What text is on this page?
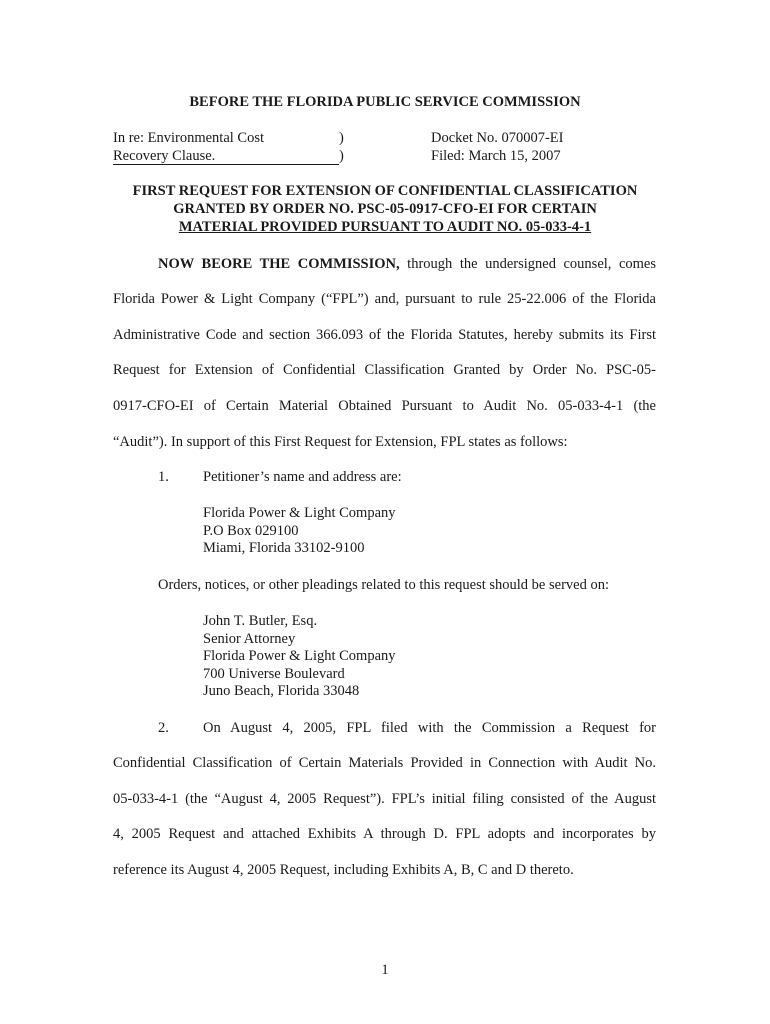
BEFORE THE FLORIDA PUBLIC SERVICE COMMISSION
In re: Environmental Cost	)	Docket No. 070007-EI
Recovery Clause.	)	Filed: March 15, 2007
FIRST REQUEST FOR EXTENSION OF CONFIDENTIAL CLASSIFICATION
GRANTED BY ORDER NO. PSC-05-0917-CFO-EI FOR CERTAIN
MATERIAL PROVIDED PURSUANT TO AUDIT NO. 05-033-4-1
NOW BEORE THE COMMISSION, through the undersigned counsel, comes
Florida Power & Light Company (“FPL”) and, pursuant to rule 25-22.006 of the Florida
Administrative Code and section 366.093 of the Florida Statutes, hereby submits its First
Request for Extension of Confidential Classification Granted by Order No. PSC-05-
0917-CFO-EI of Certain Material Obtained Pursuant to Audit No. 05-033-4-1 (the
“Audit”). In support of this First Request for Extension, FPL states as follows:
1. Petitioner’s name and address are:
Florida Power & Light Company
P.O Box 029100
Miami, Florida 33102-9100
Orders, notices, or other pleadings related to this request should be served on:
John T. Butler, Esq.
Senior Attorney
Florida Power & Light Company
700 Universe Boulevard
Juno Beach, Florida 33048
2. On August 4, 2005, FPL filed with the Commission a Request for
Confidential Classification of Certain Materials Provided in Connection with Audit No.
05-033-4-1 (the “August 4, 2005 Request”). FPL’s initial filing consisted of the August
4, 2005 Request and attached Exhibits A through D. FPL adopts and incorporates by
reference its August 4, 2005 Request, including Exhibits A, B, C and D thereto.
1
